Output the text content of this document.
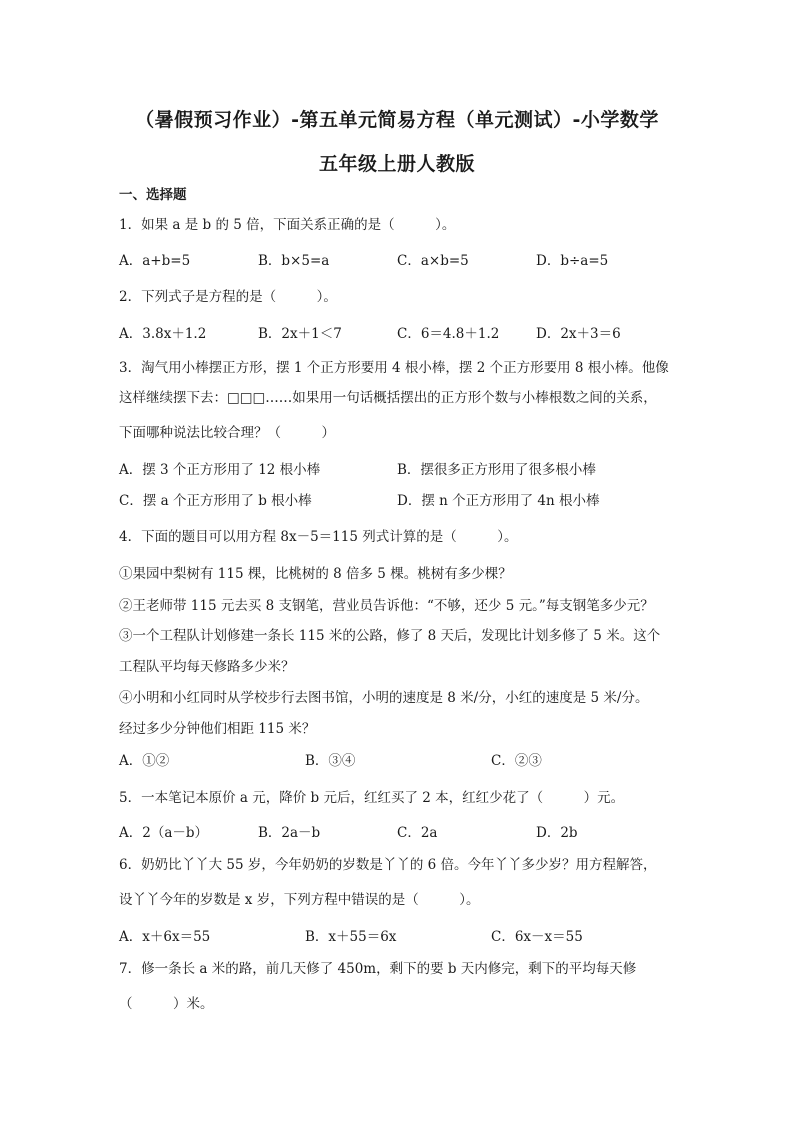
（暑假预习作业）-第五单元简易方程（单元测试）-小学数学
五年级上册人教版
一、选择题
1．如果 a 是 b 的 5 倍，下面关系正确的是（　　　）。
A．a+b=5	B．b×5=a	C．a×b=5	D．b÷a=5
2．下列式子是方程的是（　　　）。
A．3.8x＋1.2	B．2x＋1＜7	C．6＝4.8＋1.2	D．2x＋3＝6
3．淘气用小棒摆正方形，摆 1 个正方形要用 4 根小棒，摆 2 个正方形要用 8 根小棒。他像
这样继续摆下去：□□□……如果用一句话概括摆出的正方形个数与小棒根数之间的关系，
下面哪种说法比较合理？（　　　）
A．摆 3 个正方形用了 12 根小棒	B．摆很多正方形用了很多根小棒
C．摆 a 个正方形用了 b 根小棒	D．摆 n 个正方形用了 4n 根小棒
4．下面的题目可以用方程 8x－5＝115 列式计算的是（　　　）。
①果园中梨树有 115 棵，比桃树的 8 倍多 5 棵。桃树有多少棵？
②王老师带 115 元去买 8 支钢笔，营业员告诉他：“不够，还少 5 元。”每支钢笔多少元？
③一个工程队计划修建一条长 115 米的公路，修了 8 天后，发现比计划多修了 5 米。这个
工程队平均每天修路多少米？
④小明和小红同时从学校步行去图书馆，小明的速度是 8 米/分，小红的速度是 5 米/分。
经过多少分钟他们相距 115 米？
A．①②	B．③④	C．②③
5．一本笔记本原价 a 元，降价 b 元后，红红买了 2 本，红红少花了（　　　）元。
A．2（a－b）	B．2a－b	C．2a	D．2b
6．奶奶比丫丫大 55 岁，今年奶奶的岁数是丫丫的 6 倍。今年丫丫多少岁？用方程解答，
设丫丫今年的岁数是 x 岁，下列方程中错误的是（　　　）。
A．x＋6x＝55	B．x＋55＝6x	C．6x－x＝55
7．修一条长 a 米的路，前几天修了 450m，剩下的要 b 天内修完，剩下的平均每天修
（　　　）米。
